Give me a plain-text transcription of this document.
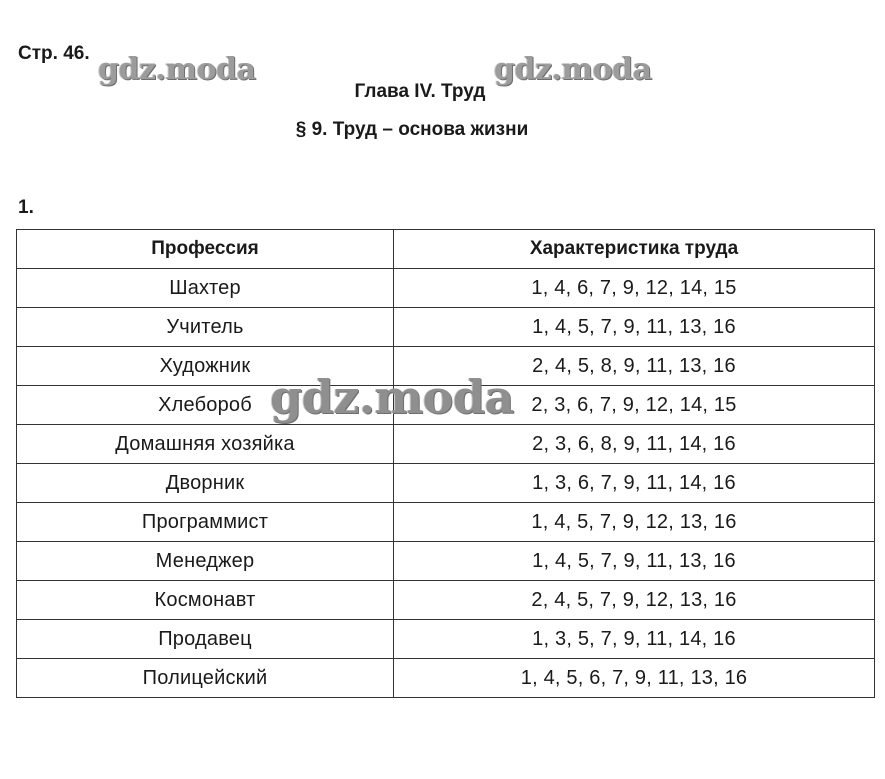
Стр. 46.
Глава IV. Труд
§ 9. Труд – основа жизни
1.
Профессия	Характеристика труда
Шахтер	1, 4, 6, 7, 9, 12, 14, 15
Учитель	1, 4, 5, 7, 9, 11, 13, 16
Художник	2, 4, 5, 8, 9, 11, 13, 16
Хлебороб	2, 3, 6, 7, 9, 12, 14, 15
Домашняя хозяйка	2, 3, 6, 8, 9, 11, 14, 16
Дворник	1, 3, 6, 7, 9, 11, 14, 16
Программист	1, 4, 5, 7, 9, 12, 13, 16
Менеджер	1, 4, 5, 7, 9, 11, 13, 16
Космонавт	2, 4, 5, 7, 9, 12, 13, 16
Продавец	1, 3, 5, 7, 9, 11, 14, 16
Полицейский	1, 4, 5, 6, 7, 9, 11, 13, 16
gdz.moda	gdz.moda
gdz.moda
